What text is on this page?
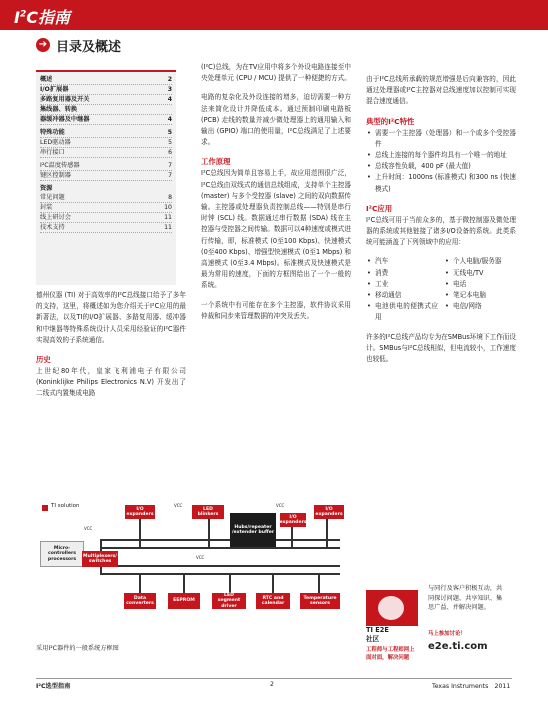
$I^2C$指南
➔ 目录及概述
概述	2
I/O扩展器	3
多路复用器及开关	4
集线器、转换
器缓冲器及中继器	4
特殊功能	5
LED驱动器	5
串行接口	6
I²C温度传感器	7
键区控制器	7
资源
常见问题	8
封装	10
线上研讨会	11
技术支持	11

德州仪器 (TI) 对于高效率的I²C总线接口给予了多年的支持，这里，将概述如为您介绍关于I²C应用的最新著法，以及TI的I/O扩展器、多路复用器、缓冲器和中继器等特殊系统设计人员采用经验证的I²C器件实现高效的子系统通信。

历史

上世纪80年代，皇家飞利浦电子有限公司 (Koninklijke Philips Electronics N.V) 开发出了二线式内置集成电路

(I²C)总线，为在TV应用中将多个外设电路连接至中央处理单元 (CPU / MCU) 提供了一种便捷的方式。

电路的复杂化及外设连接的增多，迫切需要一种方法来简化设计并降低成本。通过预制印刷电路板 (PCB) 走线的数量并减少微处理器上的通用输入和输出 (GPIO) 端口的使用量，I²C总线满足了上述要求。

工作原理

I²C总线因为简单且容易上手，故应用范围很广泛，I²C总线由双线式的通信总线组成，支持单个主控器 (master) 与多个受控器 (slave) 之间的双向数据传输。主控器或处理器负责控制总线——特别是串行时钟 (SCL) 线。数据通过串行数据 (SDA) 线在主控器与受控器之间传输。数据可以4种速度或模式进行传输，即，标准模式 (0至100 Kbps)、快速模式 (0至400 Kbps)、增强型快速模式 (0至1 Mbps) 和高速模式 (0至3.4 Mbps)。标准模式及快速模式是最为常用的速度，下面的方框图给出了一个一般的系统。

一个系统中有可能存在多个主控器，软件协议采用仲裁和同步来管理数据的冲突及丢失。

由于I²C总线所承载的规范增强是后向兼容的，因此通过处理器或I²C主控器对总线速度加以控制可实现混合速度通信。

典型的I²C特性
• 需要一个主控器（处理器）和一个或多个受控器件
• 总线上连接的每个器件均具有一个唯一的地址
• 总线容性负载，400 pF (最大值)
• 上升时间：1000ns (标准模式) 和300 ns (快速模式)
I²C应用

I²C总线可用于当前众多的，基于微控制器及微处理器的系统或其他链接了诸多I/O设备的系统。此类系统可能涵盖了下列领域中的应用：

• 汽车	• 个人电脑/服务器
• 消费	• 无线电/TV
• 工业	• 电话
• 移动通信	• 笔记本电脑
• 电池供电的便携式应用
• 电信/网络

许多的I²C总线产品均专为在SMBus环境下工作而设计。SMBus与I²C总线相似，但电流较小，工作速度也较低。

TI solution
VCC
VCC	VCC
VCC
Micro-controllers processors
Multiplexers/ switches
I/O expanders
LED blinkers
Hubs/repeater /extender buffer
I/O expanders
I/O expanders
Data converters
EEPROM
LED segment driver
RTC and calendar
Temperature sensors
采用I²C器件的一般系统方框图
TI E2E
社区
与同行及客户积极互动，共同探讨问题、共享知识、集思广益、并解决问题。
工程师与工程师网上
面对面，解决问题
马上参加讨论！
e2e.ti.com
I²C选型指南	2	Texas Instruments　2011
